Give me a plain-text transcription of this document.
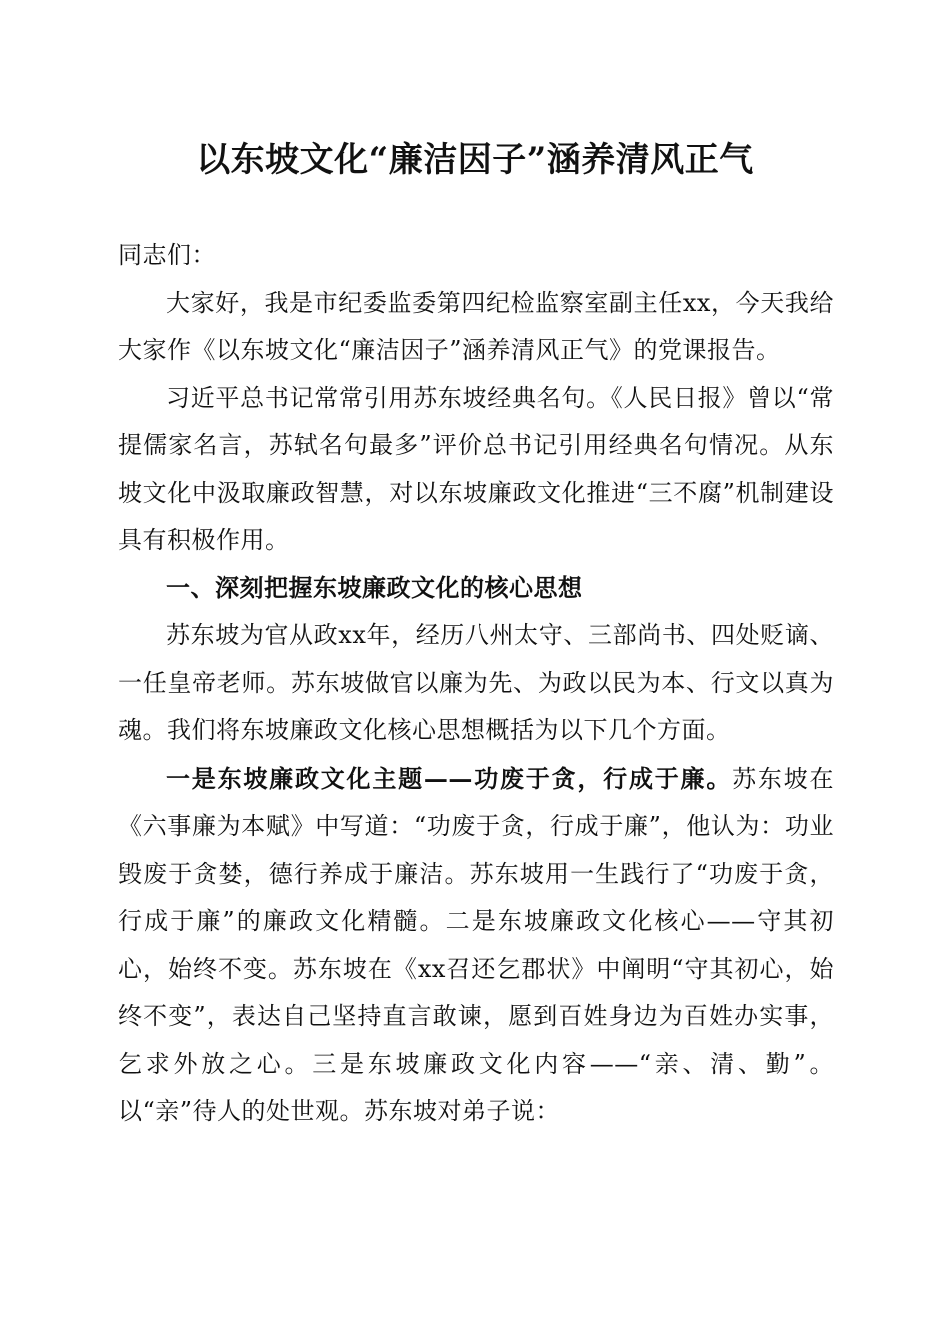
以东坡文化“廉洁因子”涵养清风正气

同志们：

大家好，我是市纪委监委第四纪检监察室副主任xx，今天我给大家作《以东坡文化“廉洁因子”涵养清风正气》的党课报告。

习近平总书记常常引用苏东坡经典名句。《人民日报》曾以“常提儒家名言，苏轼名句最多”评价总书记引用经典名句情况。从东坡文化中汲取廉政智慧，对以东坡廉政文化推进“三不腐”机制建设具有积极作用。

一、深刻把握东坡廉政文化的核心思想

苏东坡为官从政xx年，经历八州太守、三部尚书、四处贬谪、一任皇帝老师。苏东坡做官以廉为先、为政以民为本、行文以真为魂。我们将东坡廉政文化核心思想概括为以下几个方面。

一是东坡廉政文化主题——功废于贪，行成于廉。苏东坡在《六事廉为本赋》中写道：“功废于贪，行成于廉”，他认为：功业毁废于贪婪，德行养成于廉洁。苏东坡用一生践行了“功废于贪，行成于廉”的廉政文化精髓。二是东坡廉政文化核心——守其初心，始终不变。苏东坡在《xx召还乞郡状》中阐明“守其初心，始终不变”，表达自己坚持直言敢谏，愿到百姓身边为百姓办实事，乞求外放之心。三是东坡廉政文化内容——“亲、清、勤”。以“亲”待人的处世观。苏东坡对弟子说：
